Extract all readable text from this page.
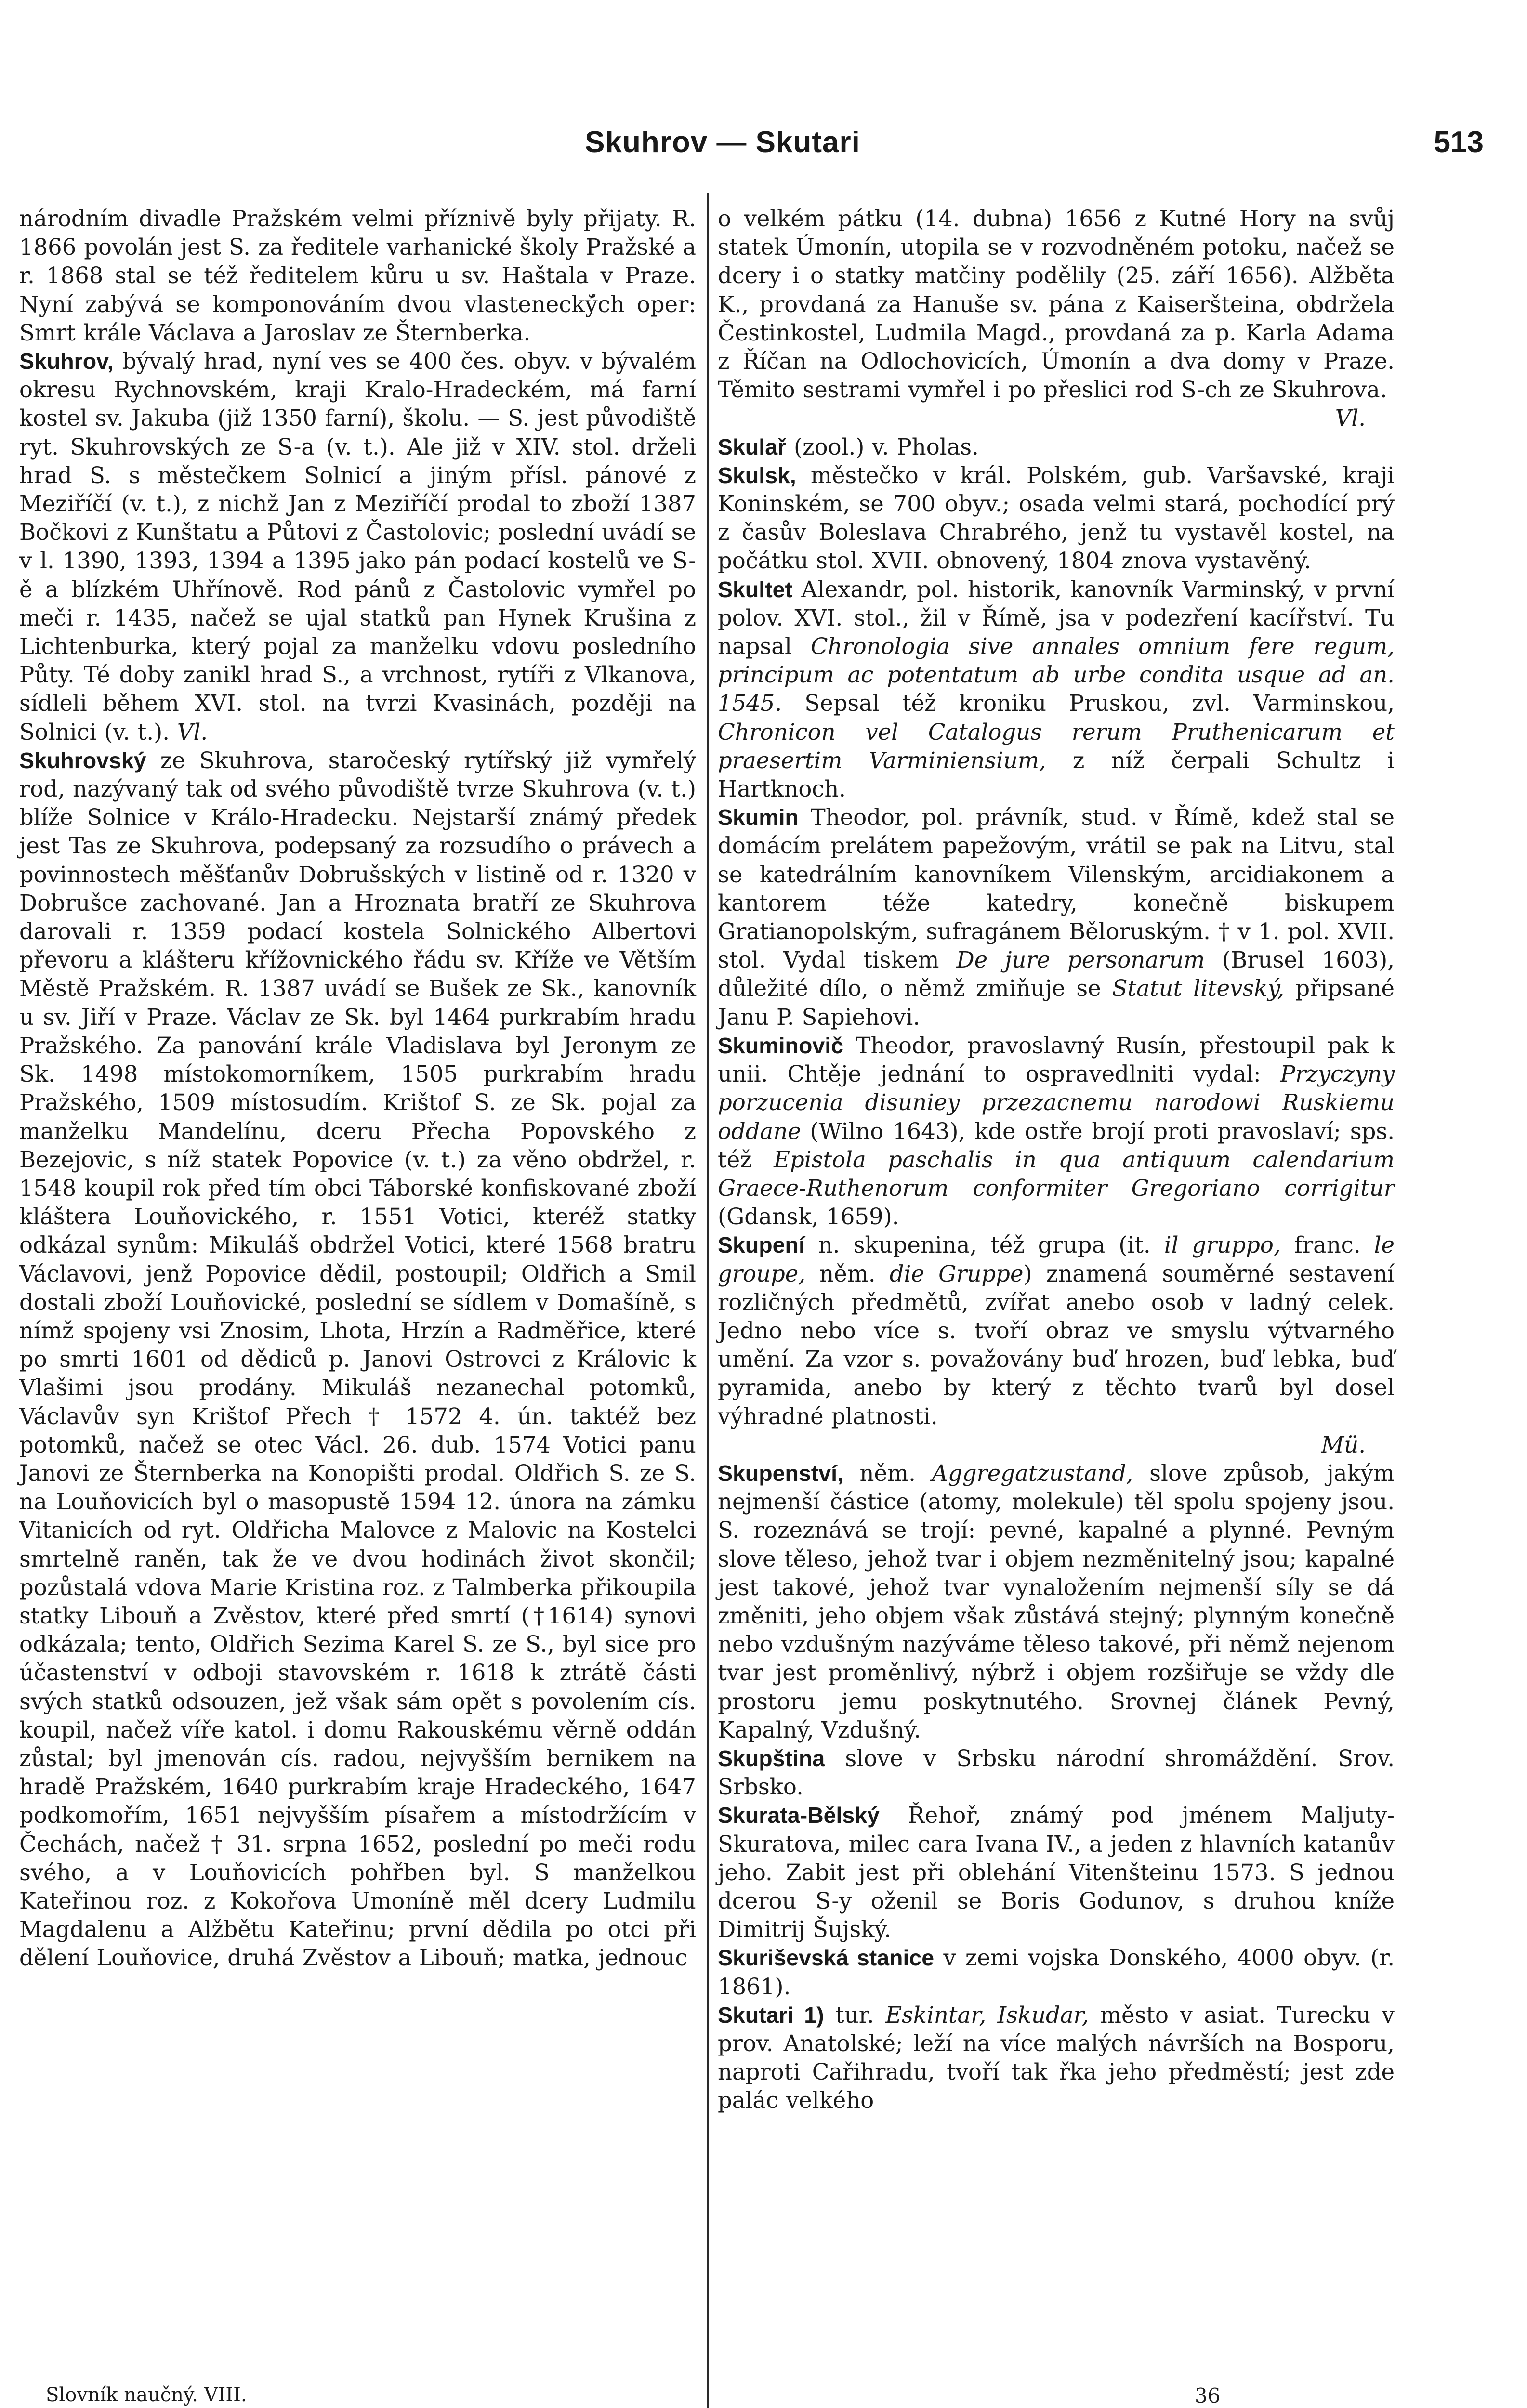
Skuhrov — Skutari	513

národním divadle Pražském velmi příznivě byly přijaty. R. 1866 povolán jest S. za ředitele varhanické školy Pražské a r. 1868 stal se též ředitelem kůru u sv. Haštala v Praze. Nyní zabývá se komponováním dvou vlastenecký̆ch oper: Smrt krále Václava a Jaroslav ze Šternberka.

Skuhrov, bývalý hrad, nyní ves se 400 čes. obyv. v bývalém okresu Rychnovském, kraji Kralo-Hradeckém, má farní kostel sv. Jakuba (již 1350 farní), školu. — S. jest původiště ryt. Skuhrovských ze S-a (v. t.). Ale již v XIV. stol. drželi hrad S. s městečkem Solnicí a jiným přísl. pánové z Meziříčí (v. t.), z nichž Jan z Meziříčí prodal to zboží 1387 Bočkovi z Kunštatu a Půtovi z Častolovic; poslední uvádí se v l. 1390, 1393, 1394 a 1395 jako pán podací kostelů ve S-ě a blízkém Uhřínově. Rod pánů z Častolovic vymřel po meči r. 1435, načež se ujal statků pan Hynek Krušina z Lichtenburka, který pojal za manželku vdovu posledního Půty. Té doby zanikl hrad S., a vrchnost, rytíři z Vlkanova, sídleli během XVI. stol. na tvrzi Kvasinách, později na Solnici (v. t.). Vl.

Skuhrovský ze Skuhrova, staročeský rytířský již vymřelý rod, nazývaný tak od svého původiště tvrze Skuhrova (v. t.) blíže Solnice v Králo-Hradecku. Nejstarší známý předek jest Tas ze Skuhrova, podepsaný za rozsudího o právech a povinnostech měšťanův Dobrušských v listině od r. 1320 v Dobrušce zachované. Jan a Hroznata bratří ze Skuhrova darovali r. 1359 podací kostela Solnického Albertovi převoru a klášteru křížovnického řádu sv. Kříže ve Větším Městě Pražském. R. 1387 uvádí se Bušek ze Sk., kanovník u sv. Jiří v Praze. Václav ze Sk. byl 1464 purkrabím hradu Pražského. Za panování krále Vladislava byl Jeronym ze Sk. 1498 místokomorníkem, 1505 purkrabím hradu Pražského, 1509 místosudím. Krištof S. ze Sk. pojal za manželku Mandelínu, dceru Přecha Popovského z Bezejovic, s níž statek Popovice (v. t.) za věno obdržel, r. 1548 koupil rok před tím obci Táborské konfiskované zboží kláštera Louňovického, r. 1551 Votici, kteréž statky odkázal synům: Mikuláš obdržel Votici, které 1568 bratru Václavovi, jenž Popovice dědil, postoupil; Oldřich a Smil dostali zboží Louňovické, poslední se sídlem v Domašíně, s nímž spojeny vsi Znosim, Lhota, Hrzín a Radměřice, které po smrti 1601 od dědiců p. Janovi Ostrovci z Královic k Vlašimi jsou prodány. Mikuláš nezanechal potomků, Václavův syn Krištof Přech † 1572 4. ún. taktéž bez potomků, načež se otec Václ. 26. dub. 1574 Votici panu Janovi ze Šternberka na Konopišti prodal. Oldřich S. ze S. na Louňovicích byl o masopustě 1594 12. února na zámku Vitanicích od ryt. Oldřicha Malovce z Malovic na Kostelci smrtelně raněn, tak že ve dvou hodinách život skončil; pozůstalá vdova Marie Kristina roz. z Talmberka přikoupila statky Libouň a Zvěstov, které před smrtí (†1614) synovi odkázala; tento, Oldřich Sezima Karel S. ze S., byl sice pro účastenství v odboji stavovském r. 1618 k ztrátě části svých statků odsouzen, jež však sám opět s povolením cís. koupil, načež víře katol. i domu Rakouskému věrně oddán zůstal; byl jmenován cís. radou, nejvyšším bernikem na hradě Pražském, 1640 purkrabím kraje Hradeckého, 1647 podkomořím, 1651 nejvyšším písařem a místodržícím v Čechách, načež † 31. srpna 1652, poslední po meči rodu svého, a v Louňovicích pohřben byl. S manželkou Kateřinou roz. z Kokořova Umoníně měl dcery Ludmilu Magdalenu a Alžbětu Kateřinu; první dědila po otci při dělení Louňovice, druhá Zvěstov a Libouň; matka, jednouc

o velkém pátku (14. dubna) 1656 z Kutné Hory na svůj statek Úmonín, utopila se v rozvodněném potoku, načež se dcery i o statky matčiny podělily (25. září 1656). Alžběta K., provdaná za Hanuše sv. pána z Kaiseršteina, obdržela Čestinkostel, Ludmila Magd., provdaná za p. Karla Adama z Říčan na Odlochovicích, Úmonín a dva domy v Praze. Těmito sestrami vymřel i po přeslici rod S-ch ze Skuhrova.
Vl.

Skulař (zool.) v. Pholas.

Skulsk, městečko v král. Polském, gub. Varšavské, kraji Koninském, se 700 obyv.; osada velmi stará, pochodící prý z časův Boleslava Chrabrého, jenž tu vystavěl kostel, na počátku stol. XVII. obnovený, 1804 znova vystavěný.

Skultet Alexandr, pol. historik, kanovník Varminský, v první polov. XVI. stol., žil v Římě, jsa v podezření kacířství. Tu napsal Chronologia sive annales omnium fere regum, principum ac potentatum ab urbe condita usque ad an. 1545. Sepsal též kroniku Pruskou, zvl. Varminskou, Chronicon vel Catalogus rerum Pruthenicarum et praesertim Varminiensium, z níž čerpali Schultz i Hartknoch.

Skumin Theodor, pol. právník, stud. v Římě, kdež stal se domácím prelátem papežovým, vrátil se pak na Litvu, stal se katedrálním kanovníkem Vilenským, arcidiakonem a kantorem téže katedry, konečně biskupem Gratianopolským, sufragánem Běloruským. † v 1. pol. XVII. stol. Vydal tiskem De jure personarum (Brusel 1603), důležité dílo, o němž zmiňuje se Statut litevský, připsané Janu P. Sapiehovi.

Skuminovič Theodor, pravoslavný Rusín, přestoupil pak k unii. Chtěje jednání to ospravedlniti vydal: Przyczyny porzucenia disuniey przezacnemu narodowi Ruskiemu oddane (Wilno 1643), kde ostře brojí proti pravoslaví; sps. též Epistola paschalis in qua antiquum calendarium Graece-Ruthenorum conformiter Gregoriano corrigitur (Gdansk, 1659).

Skupení n. skupenina, též grupa (it. il gruppo, franc. le groupe, něm. die Gruppe) znamená souměrné sestavení rozličných předmětů, zvířat anebo osob v ladný celek. Jedno nebo více s. tvoří obraz ve smyslu výtvarného umění. Za vzor s. považovány buď hrozen, buď lebka, buď pyramida, anebo by který z těchto tvarů byl dosel výhradné platnosti.
Mü.

Skupenství, něm. Aggregatzustand, slove způsob, jakým nejmenší částice (atomy, molekule) těl spolu spojeny jsou. S. rozeznává se trojí: pevné, kapalné a plynné. Pevným slove těleso, jehož tvar i objem nezměnitelný jsou; kapalné jest takové, jehož tvar vynaložením nejmenší síly se dá změniti, jeho objem však zůstává stejný; plynným konečně nebo vzdušným nazýváme těleso takové, při němž nejenom tvar jest proměnlivý, nýbrž i objem rozšiřuje se vždy dle prostoru jemu poskytnutého. Srovnej článek Pevný, Kapalný, Vzdušný.

Skupština slove v Srbsku národní shromáždění. Srov. Srbsko.

Skurata-Bělský Řehoř, známý pod jménem Maljuty-Skuratova, milec cara Ivana IV., a jeden z hlavních katanův jeho. Zabit jest při oblehání Vitenšteinu 1573. S jednou dcerou S-y oženil se Boris Godunov, s druhou kníže Dimitrij Šujský.

Skuriševská stanice v zemi vojska Donského, 4000 obyv. (r. 1861).

Skutari 1) tur. Eskintar, Iskudar, město v asiat. Turecku v prov. Anatolské; leží na více malých návrších na Bosporu, naproti Cařihradu, tvoří tak řka jeho předměstí; jest zde palác velkého

Slovník naučný. VIII.	36
